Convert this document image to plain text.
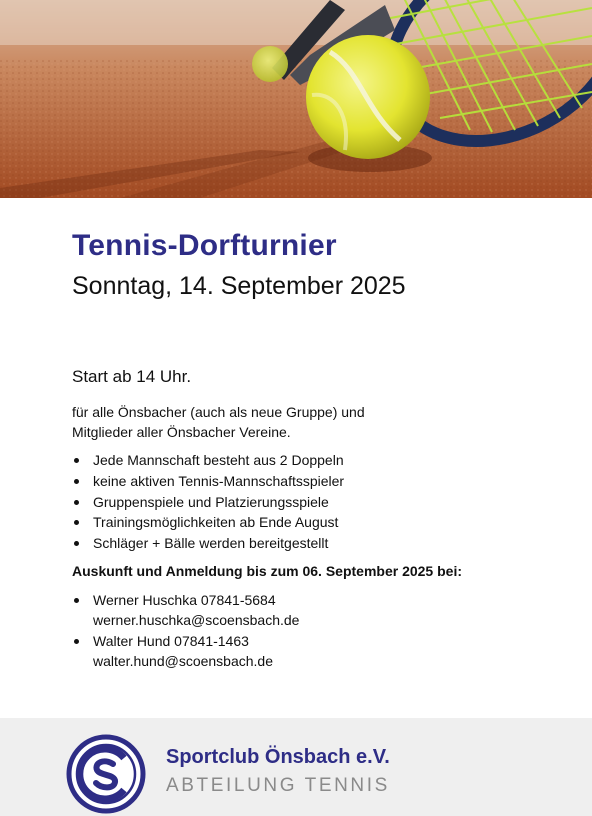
Tennis-Dorfturnier

Sonntag, 14. September 2025

Start ab 14 Uhr.

für alle Önsbacher (auch als neue Gruppe) und
Mitglieder aller Önsbacher Vereine.

Jede Mannschaft besteht aus 2 Doppeln
keine aktiven Tennis-Mannschaftsspieler
Gruppenspiele und Platzierungsspiele
Trainingsmöglichkeiten ab Ende August
Schläger + Bälle werden bereitgestellt

Auskunft und Anmeldung bis zum 06. September 2025 bei:

Werner Huschka 07841-5684
werner.huschka@scoensbach.de
Walter Hund 07841-1463
walter.hund@scoensbach.de

Sportclub Önsbach e.V.

ABTEILUNG TENNIS
